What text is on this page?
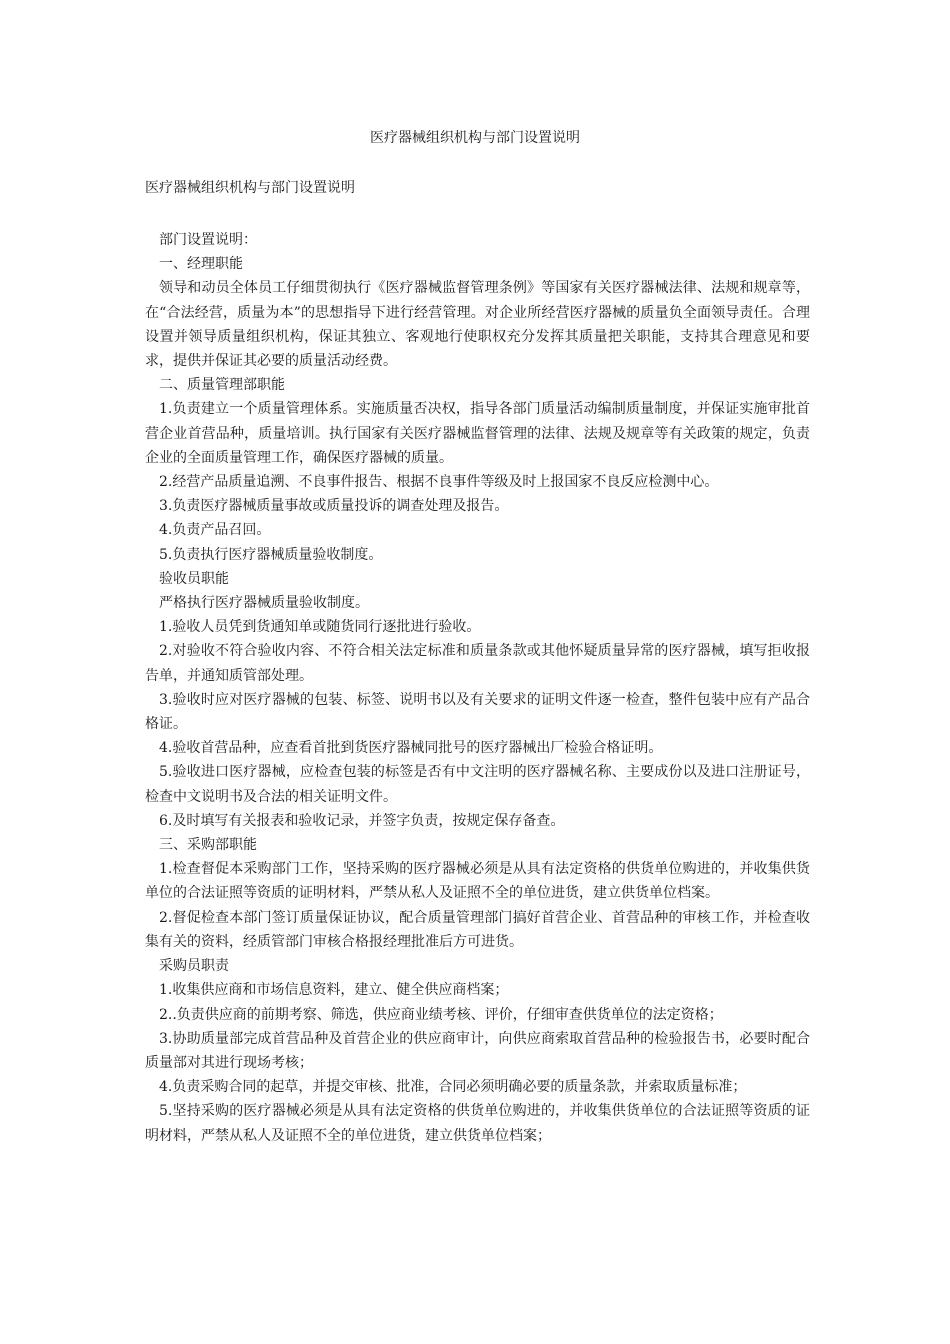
医疗器械组织机构与部门设置说明
医疗器械组织机构与部门设置说明

部门设置说明：

一、经理职能

领导和动员全体员工仔细贯彻执行《医疗器械监督管理条例》等国家有关医疗器械法律、法规和规章等，在“合法经营，质量为本”的思想指导下进行经营管理。对企业所经营医疗器械的质量负全面领导责任。合理设置并领导质量组织机构，保证其独立、客观地行使职权充分发挥其质量把关职能，支持其合理意见和要求，提供并保证其必要的质量活动经费。

二、质量管理部职能

1.负责建立一个质量管理体系。实施质量否决权，指导各部门质量活动编制质量制度，并保证实施审批首营企业首营品种，质量培训。执行国家有关医疗器械监督管理的法律、法规及规章等有关政策的规定，负责企业的全面质量管理工作，确保医疗器械的质量。

2.经营产品质量追溯、不良事件报告、根据不良事件等级及时上报国家不良反应检测中心。

3.负责医疗器械质量事故或质量投诉的调查处理及报告。

4.负责产品召回。

5.负责执行医疗器械质量验收制度。

验收员职能

严格执行医疗器械质量验收制度。

1.验收人员凭到货通知单或随货同行逐批进行验收。

2.对验收不符合验收内容、不符合相关法定标准和质量条款或其他怀疑质量异常的医疗器械，填写拒收报告单，并通知质管部处理。

3.验收时应对医疗器械的包装、标签、说明书以及有关要求的证明文件逐一检查，整件包装中应有产品合格证。

4.验收首营品种，应查看首批到货医疗器械同批号的医疗器械出厂检验合格证明。

5.验收进口医疗器械，应检查包装的标签是否有中文注明的医疗器械名称、主要成份以及进口注册证号，检查中文说明书及合法的相关证明文件。

6.及时填写有关报表和验收记录，并签字负责，按规定保存备查。

三、采购部职能

1.检查督促本采购部门工作，坚持采购的医疗器械必须是从具有法定资格的供货单位购进的，并收集供货单位的合法证照等资质的证明材料，严禁从私人及证照不全的单位进货，建立供货单位档案。

2.督促检查本部门签订质量保证协议，配合质量管理部门搞好首营企业、首营品种的审核工作，并检查收集有关的资料，经质管部门审核合格报经理批准后方可进货。

采购员职责

1.收集供应商和市场信息资料，建立、健全供应商档案；

2..负责供应商的前期考察、筛选，供应商业绩考核、评价，仔细审查供货单位的法定资格；

3.协助质量部完成首营品种及首营企业的供应商审计，向供应商索取首营品种的检验报告书，必要时配合质量部对其进行现场考核；

4.负责采购合同的起草，并提交审核、批准，合同必须明确必要的质量条款，并索取质量标准；

5.坚持采购的医疗器械必须是从具有法定资格的供货单位购进的，并收集供货单位的合法证照等资质的证明材料，严禁从私人及证照不全的单位进货，建立供货单位档案；
